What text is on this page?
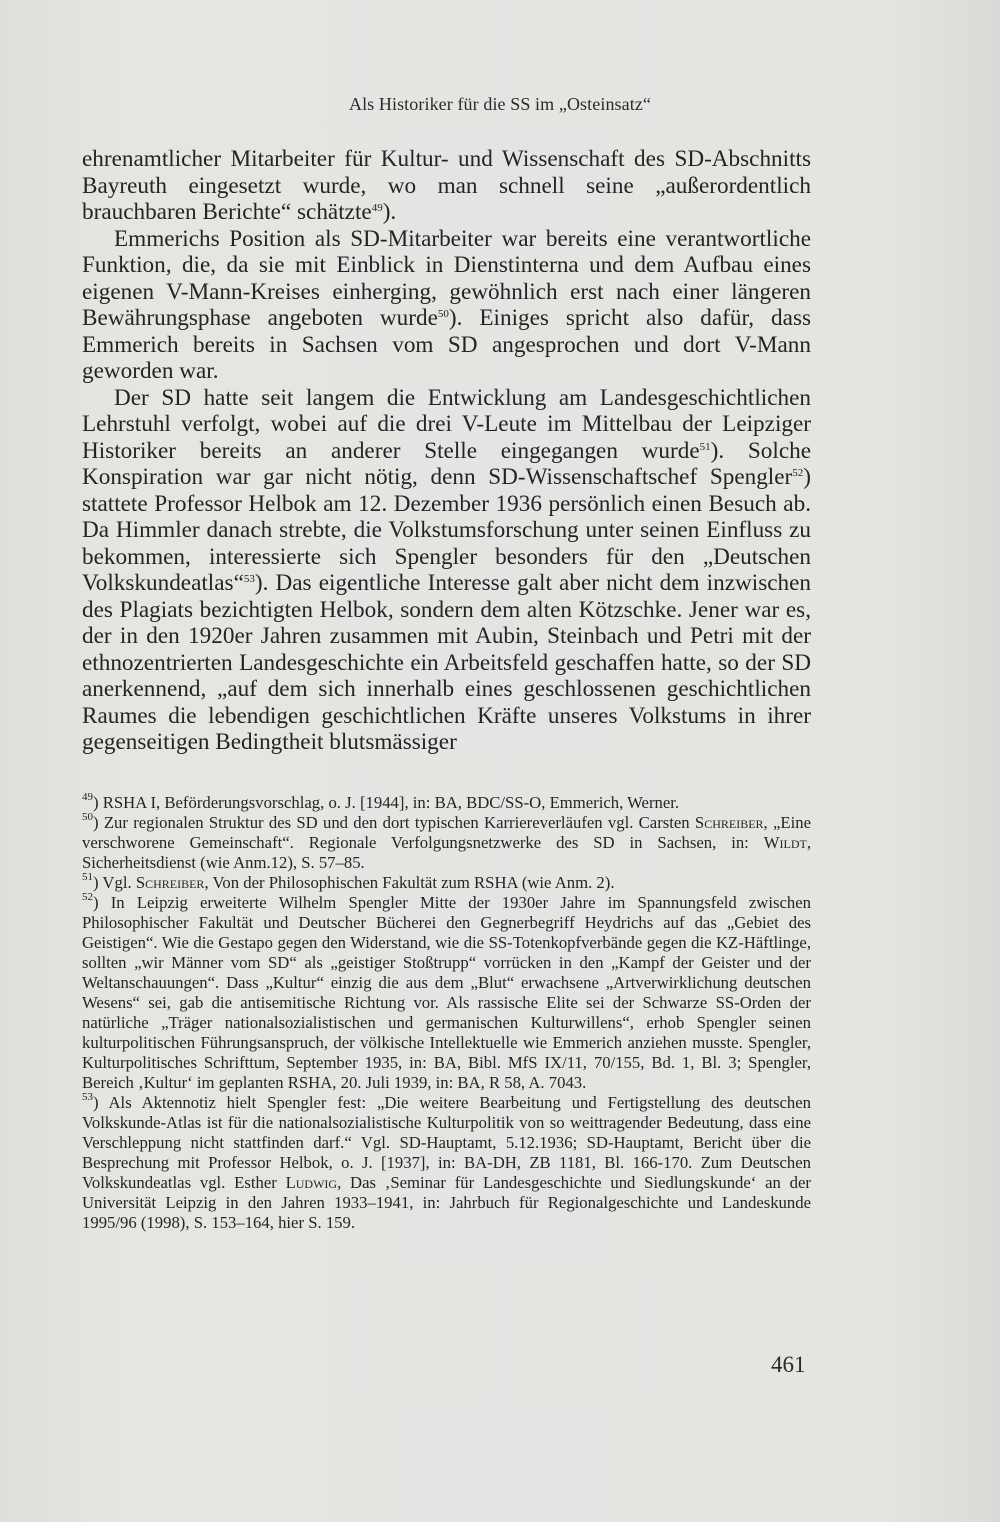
Als Historiker für die SS im „Osteinsatz“

ehrenamtlicher Mitarbeiter für Kultur- und Wissenschaft des SD-Abschnitts Bayreuth eingesetzt wurde, wo man schnell seine „außerordentlich brauchbaren Berichte“ schätzte$^{49}$).

Emmerichs Position als SD-Mitarbeiter war bereits eine verantwortliche Funktion, die, da sie mit Einblick in Dienstinterna und dem Aufbau eines eigenen V-Mann-Kreises einherging, gewöhnlich erst nach einer längeren Bewährungsphase angeboten wurde$^{50}$). Einiges spricht also dafür, dass Emmerich bereits in Sachsen vom SD angesprochen und dort V-Mann geworden war.

Der SD hatte seit langem die Entwicklung am Landesgeschichtlichen Lehrstuhl verfolgt, wobei auf die drei V-Leute im Mittelbau der Leipziger Historiker bereits an anderer Stelle eingegangen wurde$^{51}$). Solche Konspiration war gar nicht nötig, denn SD-Wissenschaftschef Spengler$^{52}$) stattete Professor Helbok am 12. Dezember 1936 persönlich einen Besuch ab. Da Himmler danach strebte, die Volkstumsforschung unter seinen Einfluss zu bekommen, interessierte sich Spengler besonders für den „Deutschen Volkskundeatlas“$^{53}$). Das eigentliche Interesse galt aber nicht dem inzwischen des Plagiats bezichtigten Helbok, sondern dem alten Kötzschke. Jener war es, der in den 1920er Jahren zusammen mit Aubin, Steinbach und Petri mit der ethnozentrierten Landesgeschichte ein Arbeitsfeld geschaffen hatte, so der SD anerkennend, „auf dem sich innerhalb eines geschlossenen geschichtlichen Raumes die lebendigen geschichtlichen Kräfte unseres Volkstums in ihrer gegenseitigen Bedingtheit blutsmässiger

$^{49}$) RSHA I, Beförderungsvorschlag, o. J. [1944], in: BA, BDC/SS-O, Emmerich, Werner.

$^{50}$) Zur regionalen Struktur des SD und den dort typischen Karriereverläufen vgl. Carsten Schreiber, „Eine verschworene Gemeinschaft“. Regionale Verfolgungsnetzwerke des SD in Sachsen, in: Wildt, Sicherheitsdienst (wie Anm.12), S. 57–85.

$^{51}$) Vgl. Schreiber, Von der Philosophischen Fakultät zum RSHA (wie Anm. 2).

$^{52}$) In Leipzig erweiterte Wilhelm Spengler Mitte der 1930er Jahre im Spannungsfeld zwischen Philosophischer Fakultät und Deutscher Bücherei den Gegnerbegriff Heydrichs auf das „Gebiet des Geistigen“. Wie die Gestapo gegen den Widerstand, wie die SS-Totenkopfverbände gegen die KZ-Häftlinge, sollten „wir Männer vom SD“ als „geistiger Stoßtrupp“ vorrücken in den „Kampf der Geister und der Weltanschauungen“. Dass „Kultur“ einzig die aus dem „Blut“ erwachsene „Artverwirklichung deutschen Wesens“ sei, gab die antisemitische Richtung vor. Als rassische Elite sei der Schwarze SS-Orden der natürliche „Träger nationalsozialistischen und germanischen Kulturwillens“, erhob Spengler seinen kulturpolitischen Führungsanspruch, der völkische Intellektuelle wie Emmerich anziehen musste. Spengler, Kulturpolitisches Schrifttum, September 1935, in: BA, Bibl. MfS IX/11, 70/155, Bd. 1, Bl. 3; Spengler, Bereich ‚Kultur‘ im geplanten RSHA, 20. Juli 1939, in: BA, R 58, A. 7043.

$^{53}$) Als Aktennotiz hielt Spengler fest: „Die weitere Bearbeitung und Fertigstellung des deutschen Volkskunde-Atlas ist für die nationalsozialistische Kulturpolitik von so weittragender Bedeutung, dass eine Verschleppung nicht stattfinden darf.“ Vgl. SD-Hauptamt, 5.12.1936; SD-Hauptamt, Bericht über die Besprechung mit Professor Helbok, o. J. [1937], in: BA-DH, ZB 1181, Bl. 166-170. Zum Deutschen Volkskundeatlas vgl. Esther Ludwig, Das ‚Seminar für Landesgeschichte und Siedlungskunde‘ an der Universität Leipzig in den Jahren 1933–1941, in: Jahrbuch für Regionalgeschichte und Landeskunde 1995/96 (1998), S. 153–164, hier S. 159.

461
